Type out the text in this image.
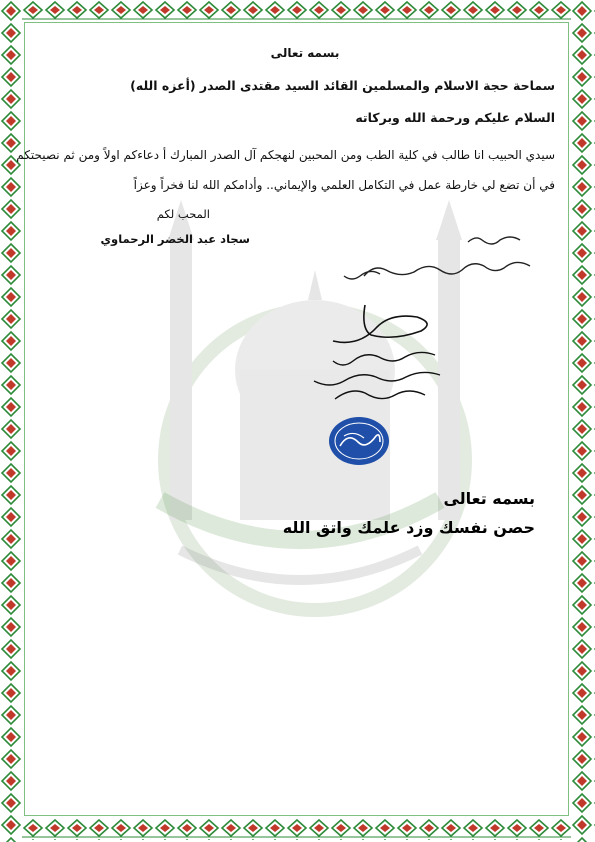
بسمه تعالى
سماحة حجة الاسلام والمسلمين القائد السيد مقتدى الصدر (أعزه الله)
السلام عليكم ورحمة الله وبركاته
سيدي الحبيب انا طالب في كلية الطب ومن المحبين لنهجكم آل الصدر المبارك أ دعاءكم اولاً ومن ثم نصيحتكم
في أن تضع لي خارطة عمل في التكامل العلمي والإيماني.. وأدامكم الله لنا فخراً وعزاً
المحب لكم
سجاد عبد الخضر الرحماوي
بسمه تعالى
حصن نفسك وزد علمك واتق الله
